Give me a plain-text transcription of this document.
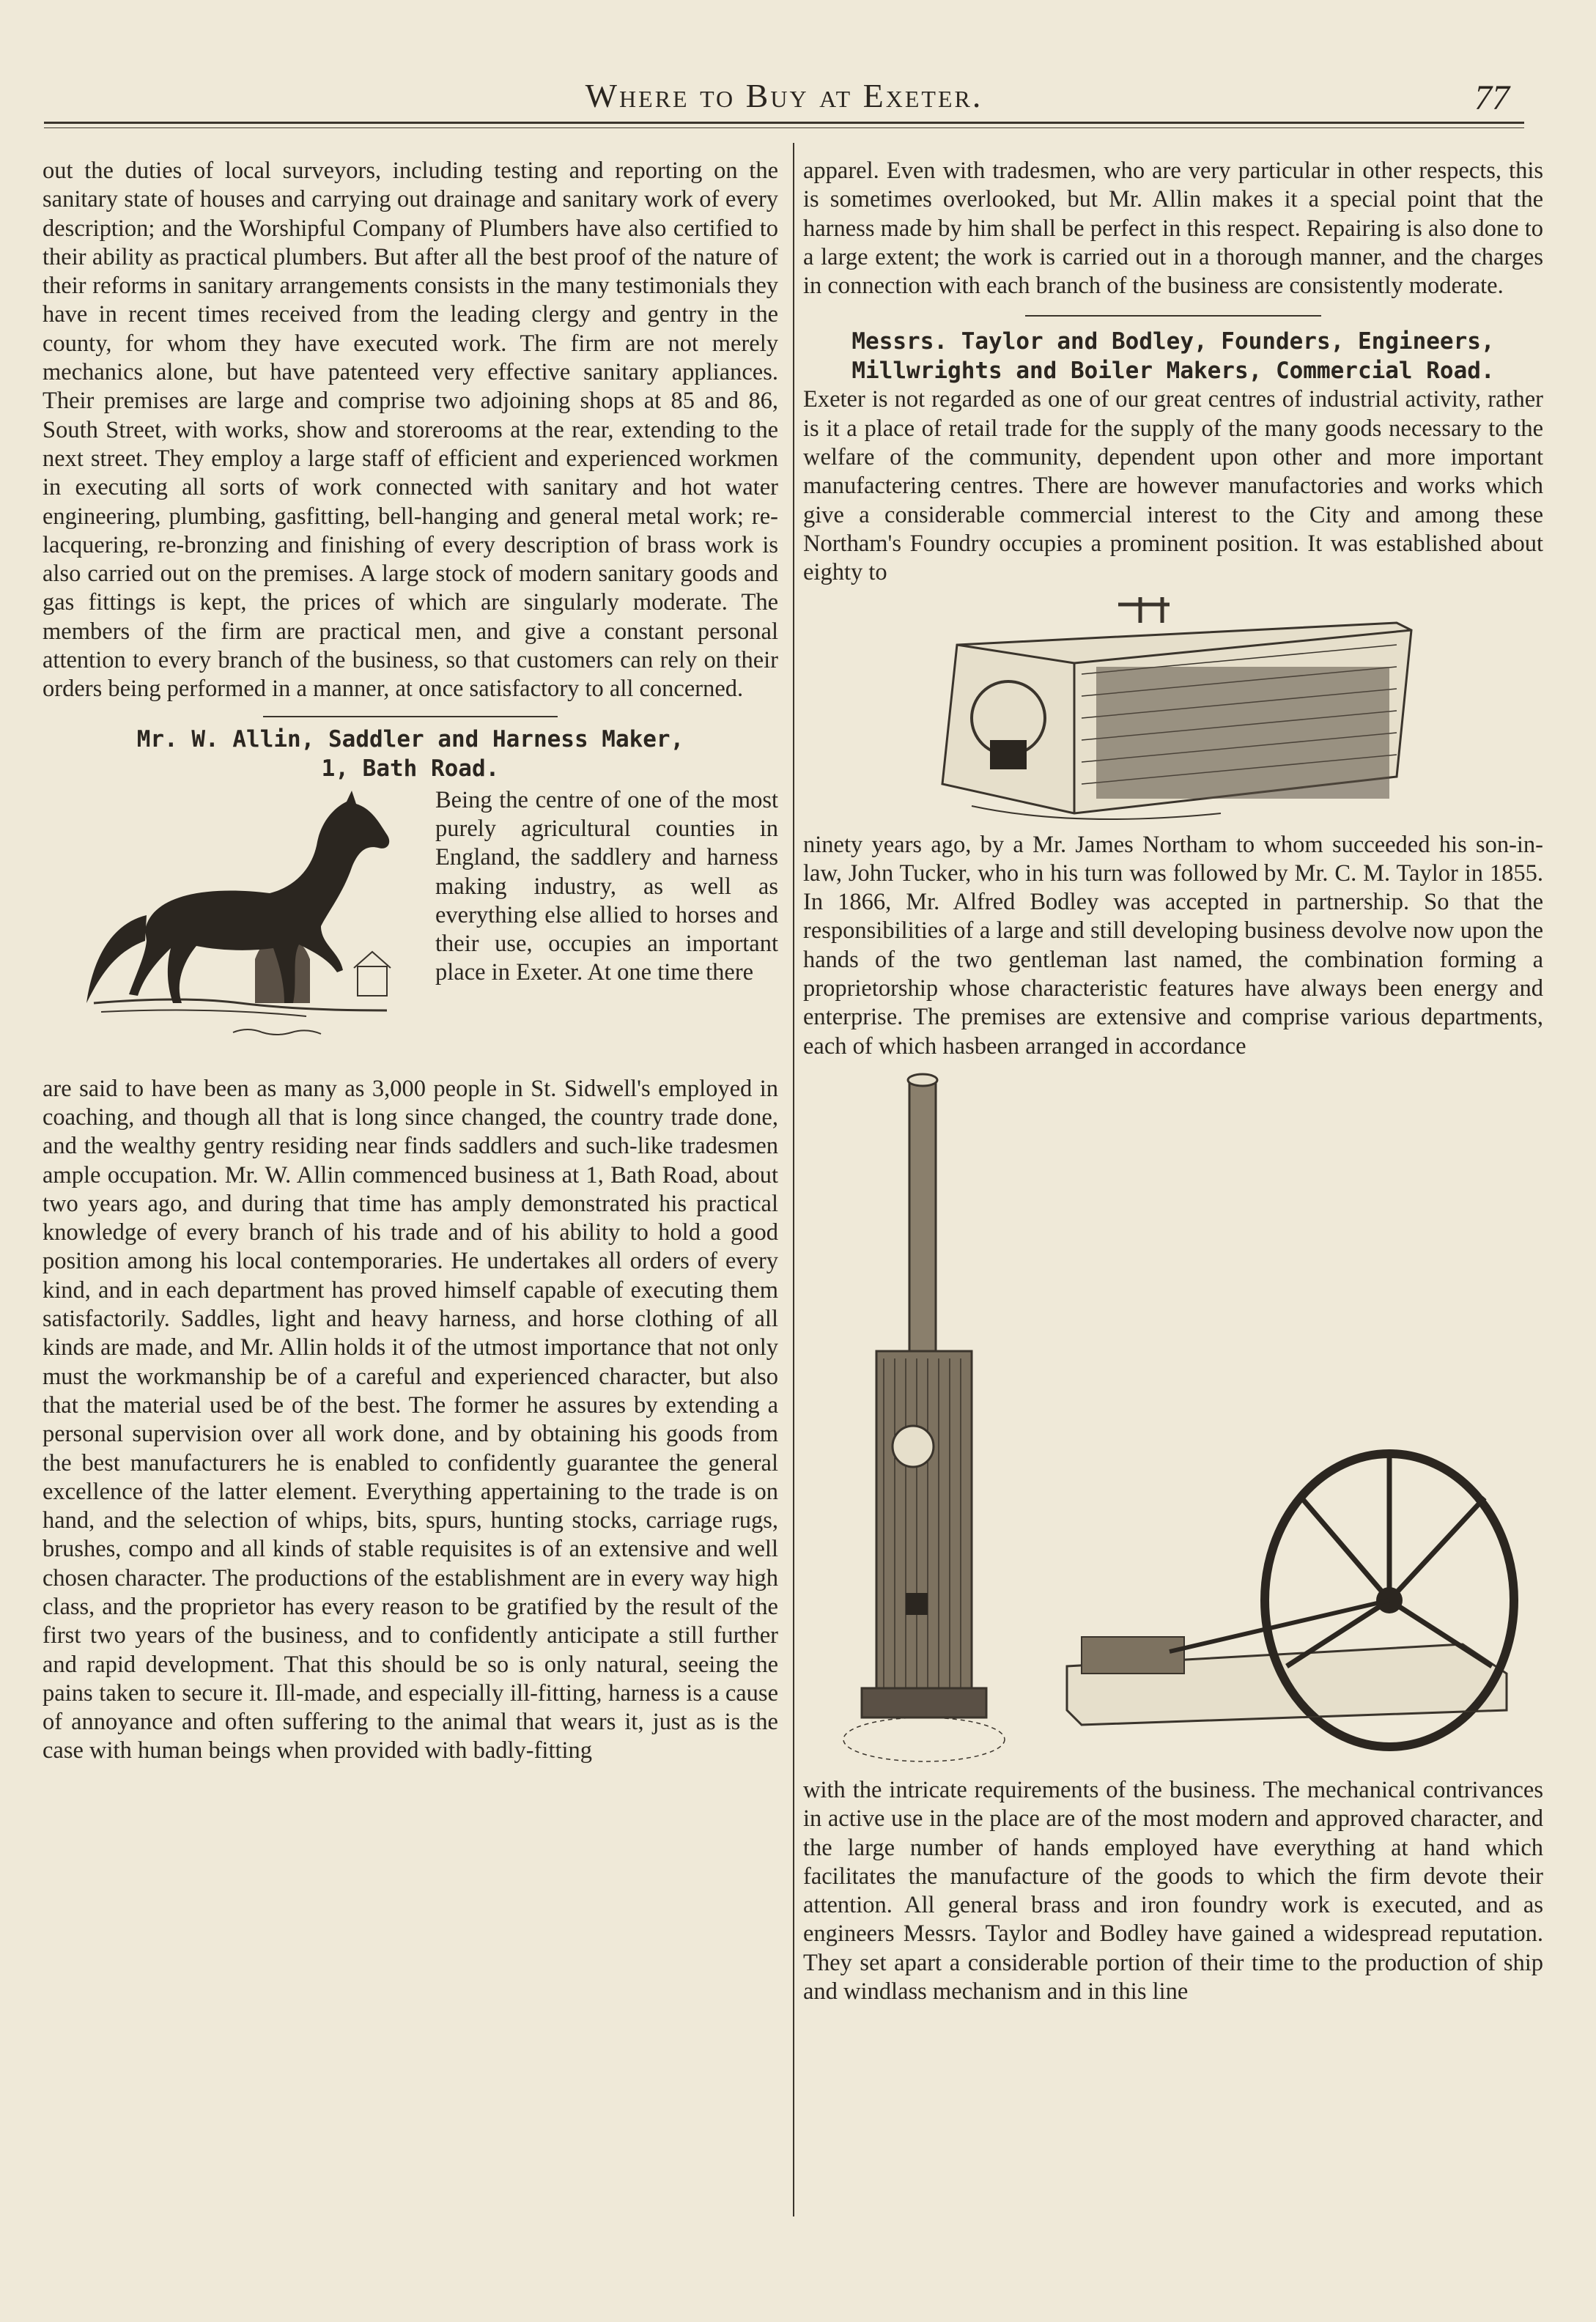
Where to Buy at Exeter.	77

out the duties of local surveyors, including testing and reporting on the sanitary state of houses and carrying out drainage and sanitary work of every description; and the Worshipful Company of Plumbers have also certified to their ability as practical plumbers. But after all the best proof of the nature of their reforms in sanitary arrangements consists in the many testimonials they have in recent times received from the leading clergy and gentry in the county, for whom they have executed work. The firm are not merely mechanics alone, but have patenteed very effective sanitary appliances. Their premises are large and comprise two adjoining shops at 85 and 86, South Street, with works, show and storerooms at the rear, extending to the next street. They employ a large staff of efficient and experienced workmen in executing all sorts of work connected with sanitary and hot water engineering, plumbing, gasfitting, bell-hanging and general metal work; re-lacquering, re-bronzing and finishing of every description of brass work is also carried out on the premises. A large stock of modern sanitary goods and gas fittings is kept, the prices of which are singularly moderate. The members of the firm are practical men, and give a constant personal attention to every branch of the business, so that customers can rely on their orders being performed in a manner, at once satisfactory to all concerned.

Mr. W. Allin, Saddler and Harness Maker,

1, Bath Road.

Being the centre of one of the most purely agricultural counties in England, the saddlery and harness making industry, as well as everything else allied to horses and their use, occupies an important place in Exeter. At one time there

are said to have been as many as 3,000 people in St. Sidwell's employed in coaching, and though all that is long since changed, the country trade done, and the wealthy gentry residing near finds saddlers and such-like tradesmen ample occupation. Mr. W. Allin commenced business at 1, Bath Road, about two years ago, and during that time has amply demonstrated his practical knowledge of every branch of his trade and of his ability to hold a good position among his local contemporaries. He undertakes all orders of every kind, and in each department has proved himself capable of executing them satisfactorily. Saddles, light and heavy harness, and horse clothing of all kinds are made, and Mr. Allin holds it of the utmost importance that not only must the workmanship be of a careful and experienced character, but also that the material used be of the best. The former he assures by extending a personal supervision over all work done, and by obtaining his goods from the best manufacturers he is enabled to confidently guarantee the general excellence of the latter element. Everything appertaining to the trade is on hand, and the selection of whips, bits, spurs, hunting stocks, carriage rugs, brushes, compo and all kinds of stable requisites is of an extensive and well chosen character. The productions of the establishment are in every way high class, and the proprietor has every reason to be gratified by the result of the first two years of the business, and to confidently anticipate a still further and rapid development. That this should be so is only natural, seeing the pains taken to secure it. Ill-made, and especially ill-fitting, harness is a cause of annoyance and often suffering to the animal that wears it, just as is the case with human beings when provided with badly-fitting

apparel. Even with tradesmen, who are very particular in other respects, this is sometimes overlooked, but Mr. Allin makes it a special point that the harness made by him shall be perfect in this respect. Repairing is also done to a large extent; the work is carried out in a thorough manner, and the charges in connection with each branch of the business are consistently moderate.

Messrs. Taylor and Bodley, Founders, Engineers,

Millwrights and Boiler Makers, Commercial Road.

Exeter is not regarded as one of our great centres of industrial activity, rather is it a place of retail trade for the supply of the many goods necessary to the welfare of the community, dependent upon other and more important manufactering centres. There are however manufactories and works which give a considerable commercial interest to the City and among these Northam's Foundry occupies a prominent position. It was established about eighty to

ninety years ago, by a Mr. James Northam to whom succeeded his son-in-law, John Tucker, who in his turn was followed by Mr. C. M. Taylor in 1855. In 1866, Mr. Alfred Bodley was accepted in partnership. So that the responsibilities of a large and still developing business devolve now upon the hands of the two gentleman last named, the combination forming a proprietorship whose characteristic features have always been energy and enterprise. The premises are extensive and comprise various departments, each of which hasbeen arranged in accordance

with the intricate requirements of the business. The mechanical contrivances in active use in the place are of the most modern and approved character, and the large number of hands employed have everything at hand which facilitates the manufacture of the goods to which the firm devote their attention. All general brass and iron foundry work is executed, and as engineers Messrs. Taylor and Bodley have gained a widespread reputation. They set apart a considerable portion of their time to the production of ship and windlass mechanism and in this line
